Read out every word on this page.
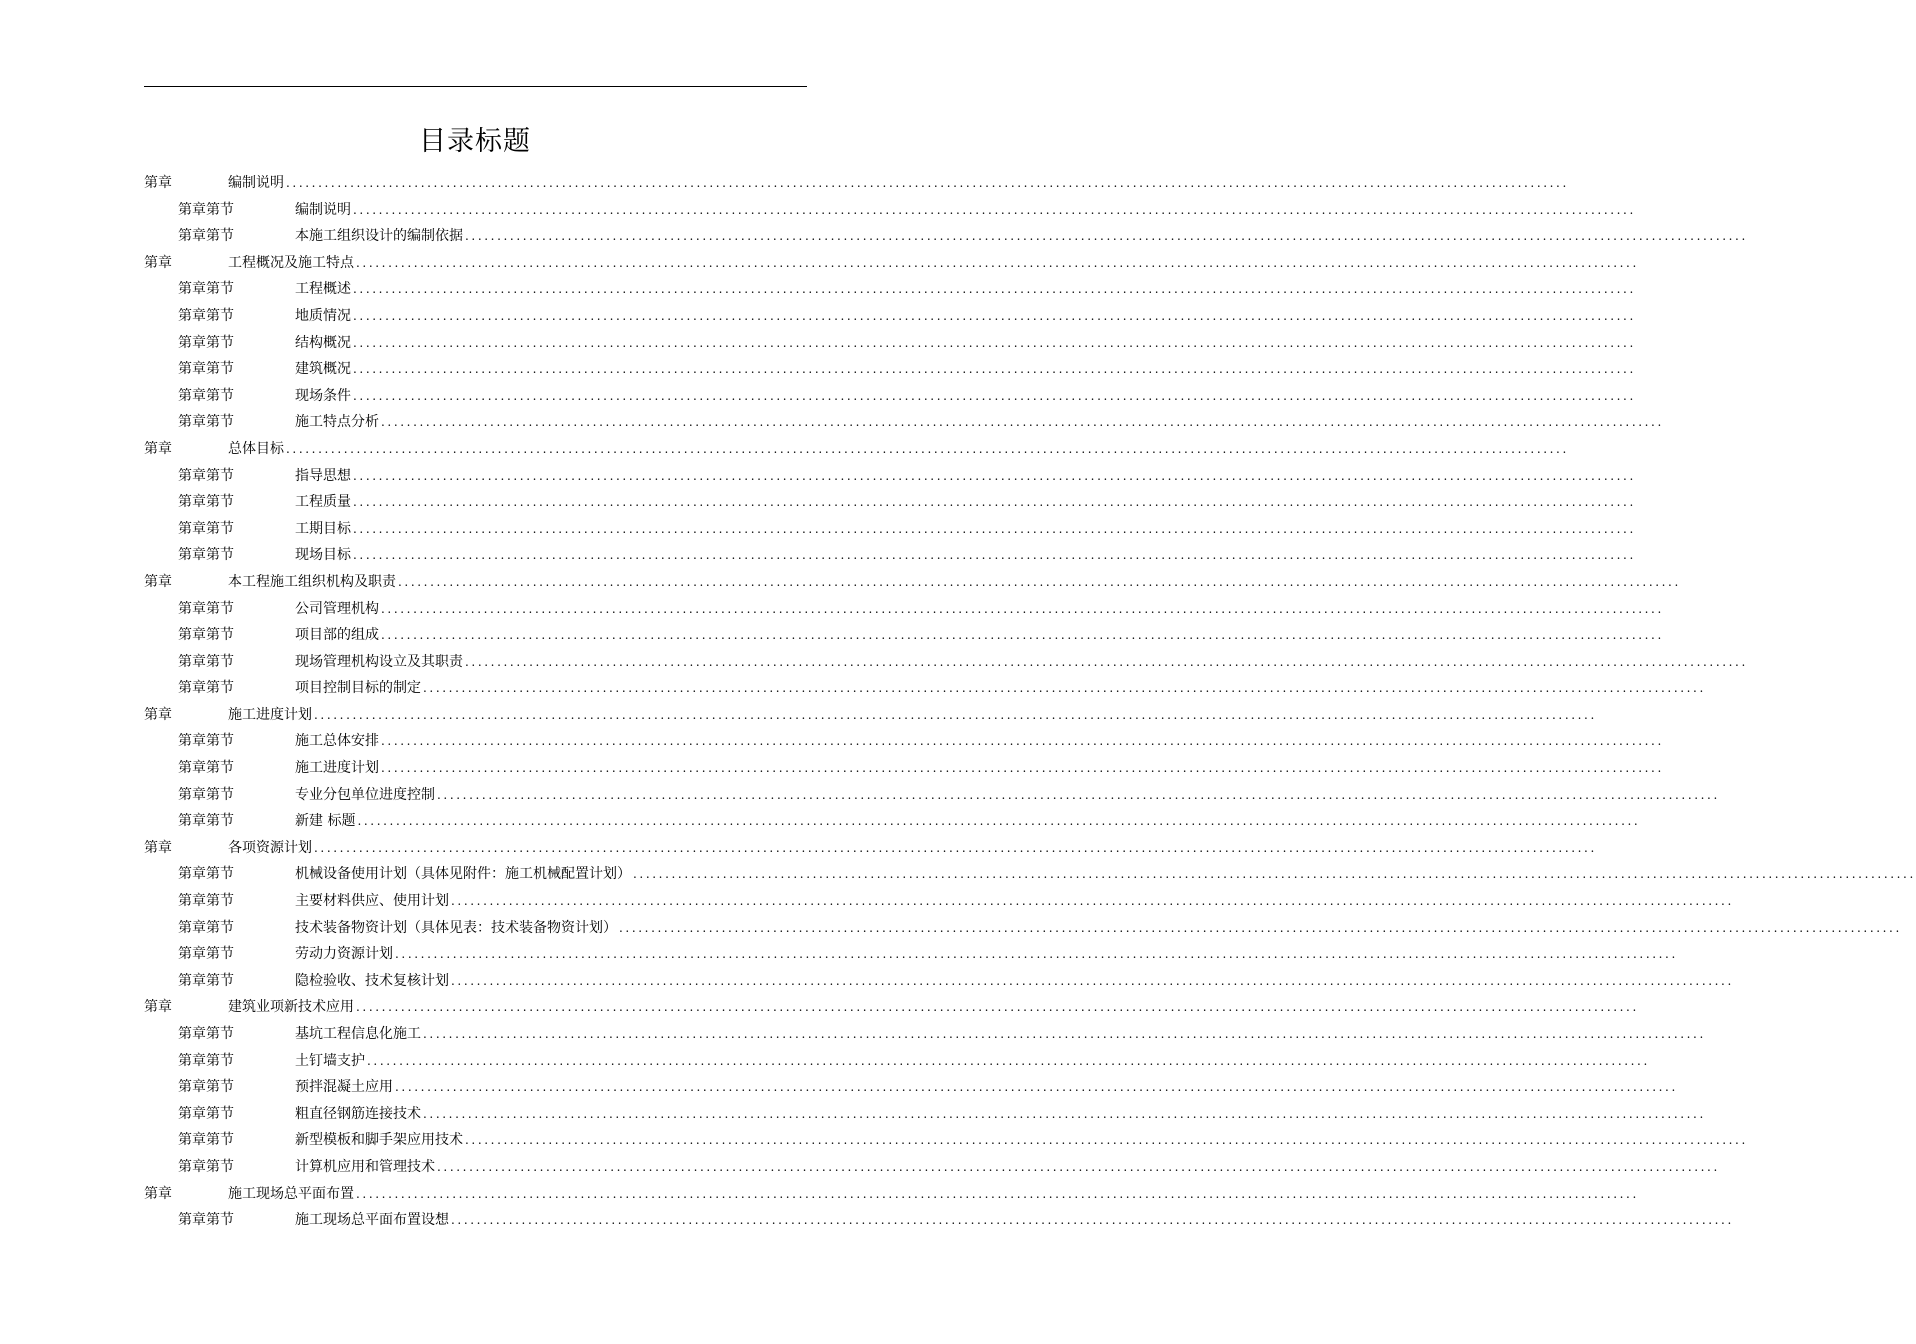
目录标题
第章	编制说明 ........................................................................................................................................................................................................
第章第节	编制说明 ........................................................................................................................................................................................................
第章第节	本施工组织设计的编制依据 ........................................................................................................................................................................................................
第章	工程概况及施工特点 ........................................................................................................................................................................................................
第章第节	工程概述 ........................................................................................................................................................................................................
第章第节	地质情况 ........................................................................................................................................................................................................
第章第节	结构概况 ........................................................................................................................................................................................................
第章第节	建筑概况 ........................................................................................................................................................................................................
第章第节	现场条件 ........................................................................................................................................................................................................
第章第节	施工特点分析 ........................................................................................................................................................................................................
第章	总体目标 ........................................................................................................................................................................................................
第章第节	指导思想 ........................................................................................................................................................................................................
第章第节	工程质量 ........................................................................................................................................................................................................
第章第节	工期目标 ........................................................................................................................................................................................................
第章第节	现场目标 ........................................................................................................................................................................................................
第章	本工程施工组织机构及职责 ........................................................................................................................................................................................................
第章第节	公司管理机构 ........................................................................................................................................................................................................
第章第节	项目部的组成 ........................................................................................................................................................................................................
第章第节	现场管理机构设立及其职责 ........................................................................................................................................................................................................
第章第节	项目控制目标的制定 ........................................................................................................................................................................................................
第章	施工进度计划 ........................................................................................................................................................................................................
第章第节	施工总体安排 ........................................................................................................................................................................................................
第章第节	施工进度计划 ........................................................................................................................................................................................................
第章第节	专业分包单位进度控制 ........................................................................................................................................................................................................
第章第节	新建 标题 ........................................................................................................................................................................................................
第章	各项资源计划 ........................................................................................................................................................................................................
第章第节	机械设备使用计划（具体见附件：施工机械配置计划） ........................................................................................................................................................................................................
第章第节	主要材料供应、使用计划 ........................................................................................................................................................................................................
第章第节	技术装备物资计划（具体见表：技术装备物资计划） ........................................................................................................................................................................................................
第章第节	劳动力资源计划 ........................................................................................................................................................................................................
第章第节	隐检验收、技术复核计划 ........................................................................................................................................................................................................
第章	建筑业项新技术应用 ........................................................................................................................................................................................................
第章第节	基坑工程信息化施工 ........................................................................................................................................................................................................
第章第节	土钉墙支护 ........................................................................................................................................................................................................
第章第节	预拌混凝土应用 ........................................................................................................................................................................................................
第章第节	粗直径钢筋连接技术 ........................................................................................................................................................................................................
第章第节	新型模板和脚手架应用技术 ........................................................................................................................................................................................................
第章第节	计算机应用和管理技术 ........................................................................................................................................................................................................
第章	施工现场总平面布置 ........................................................................................................................................................................................................
第章第节	施工现场总平面布置设想 ........................................................................................................................................................................................................
